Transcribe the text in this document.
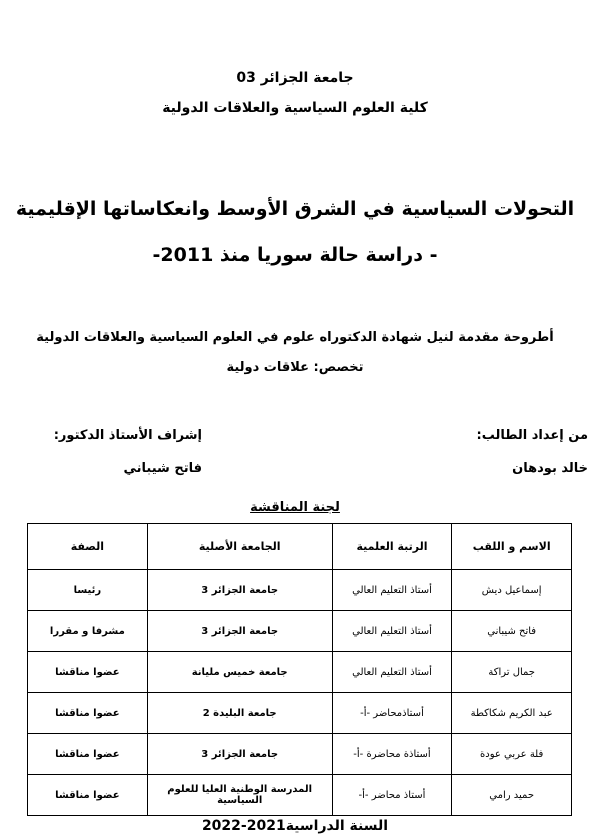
جامعة الجزائر 03
كلية العلوم السياسية والعلاقات الدولية
التحولات السياسية في الشرق الأوسط وانعكاساتها الإقليمية
- دراسة حالة سوريا منذ 2011-
أطروحة مقدمة لنيل شهادة الدكتوراه علوم في العلوم السياسية والعلاقات الدولية
تخصص: علاقات دولية
من إعداد الطالب:
إشراف الأستاذ الدكتور:
خالد بودهان
فاتح شيباني
لجنة المناقشة
الاسم و اللقب	الرتبة العلمية	الجامعة الأصلية	الصفة
إسماعيل ديش	أستاذ التعليم العالي	جامعة الجزائر 3	رئيسا
فاتح شيباني	أستاذ التعليم العالي	جامعة الجزائر 3	مشرفا و مقررا
جمال تراكة	أستاذ التعليم العالي	جامعة خميس مليانة	عضوا مناقشا
عبد الكريم شكاكطة	أستاذمحاضر -أ-	جامعة البليدة 2	عضوا مناقشا
فلة عربي عودة	أستاذة محاضرة -أ-	جامعة الجزائر 3	عضوا مناقشا
حميد رامي	أستاذ محاضر -أ-	المدرسة الوطنية العليا للعلوم السياسية	عضوا مناقشا
السنة الدراسية2021-2022
